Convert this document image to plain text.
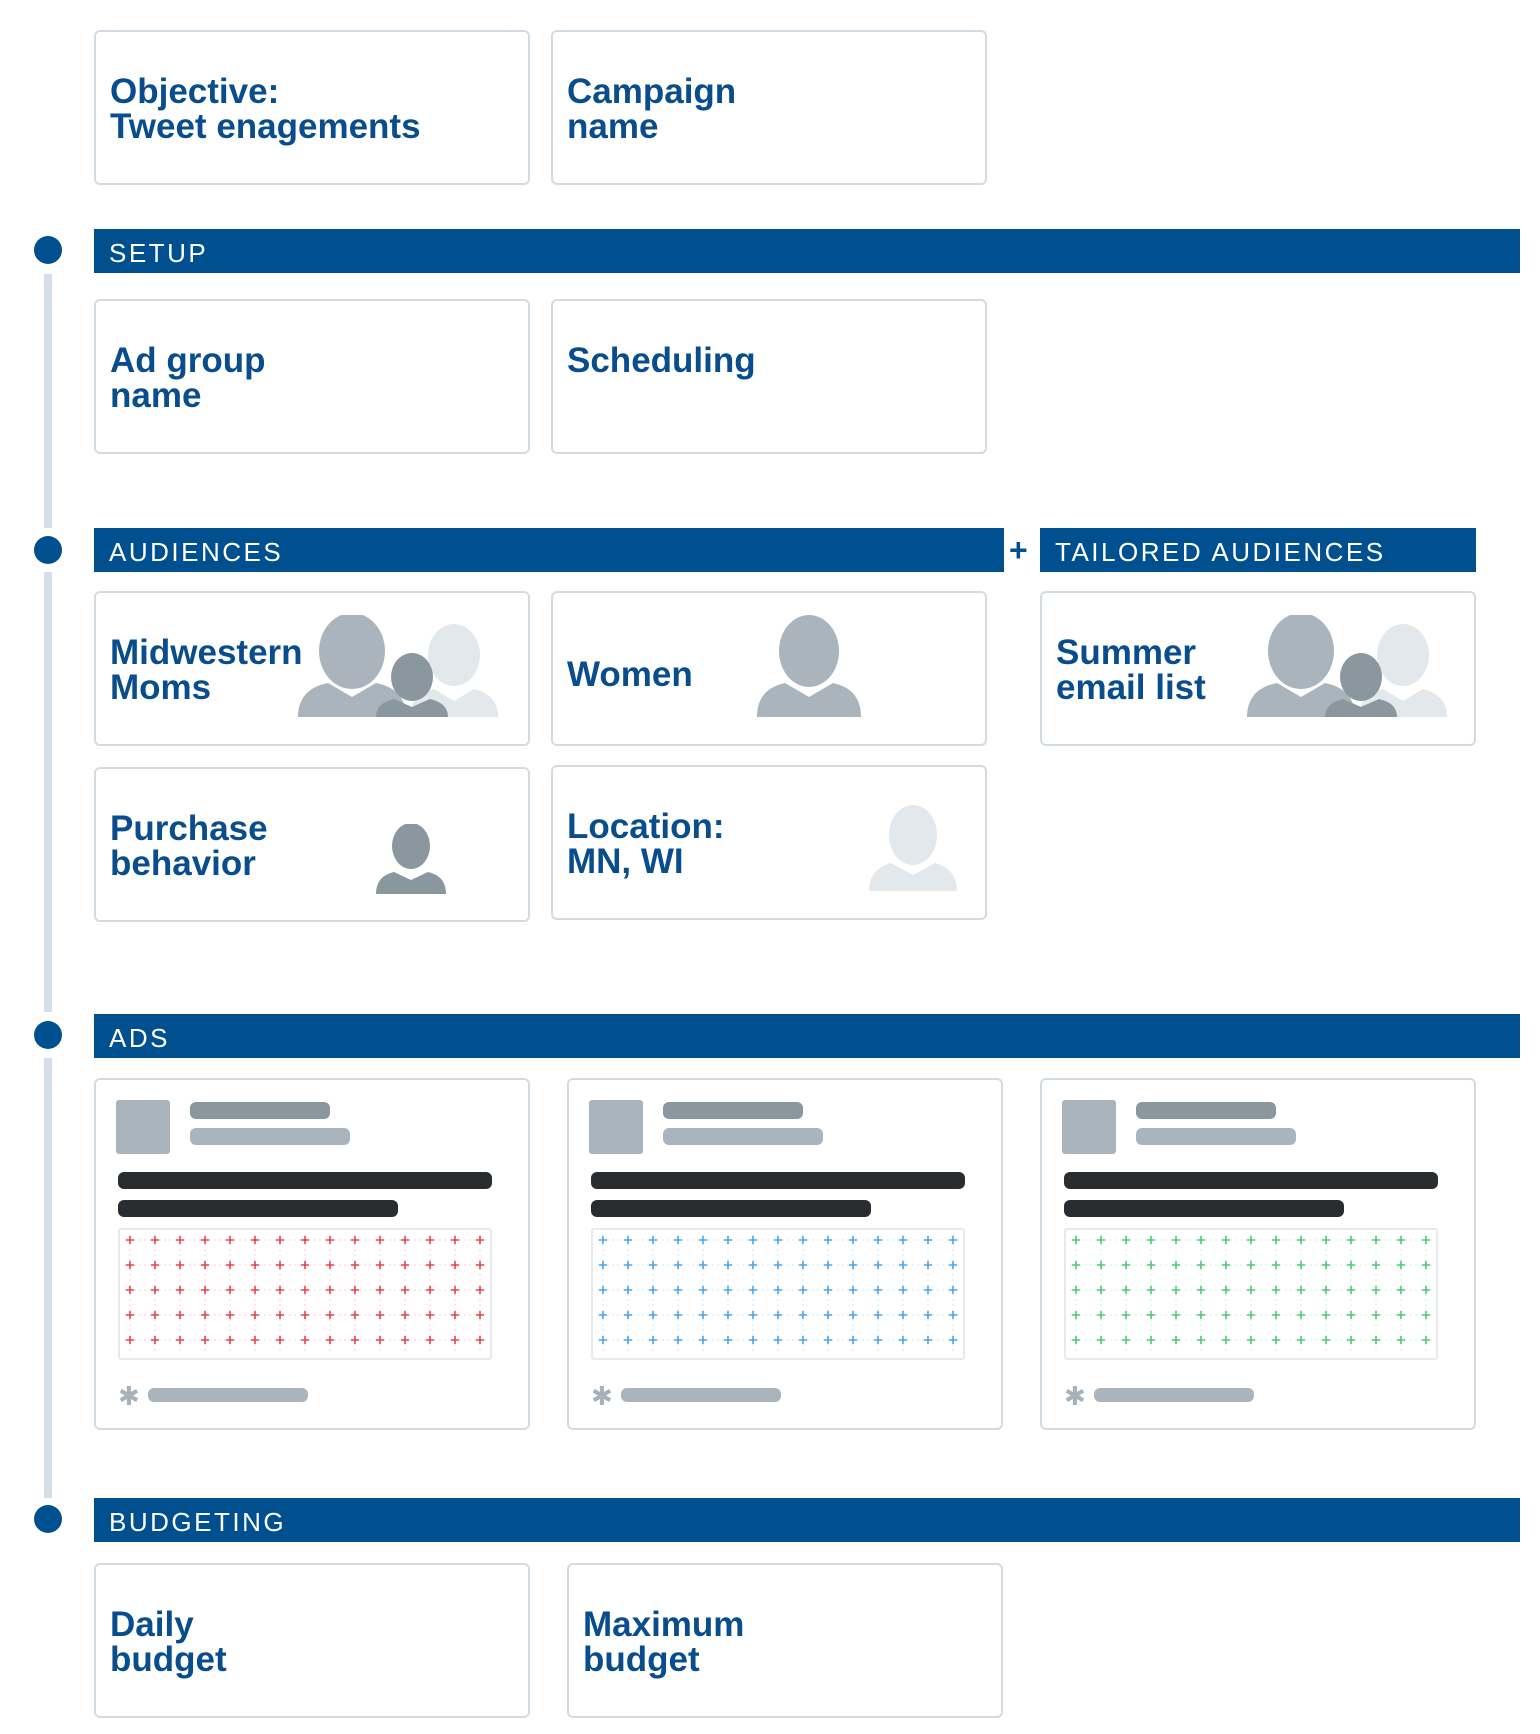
Objective:
Tweet enagements
Campaign
name
SETUP
Ad group
name
Scheduling
AUDIENCES	+ TAILORED AUDIENCES
Midwestern
Moms	Women
Summer
email list
Purchase
behavior
Location:
MN, WI
ADS
✱	✱	✱
BUDGETING
Daily
budget
Maximum
budget
